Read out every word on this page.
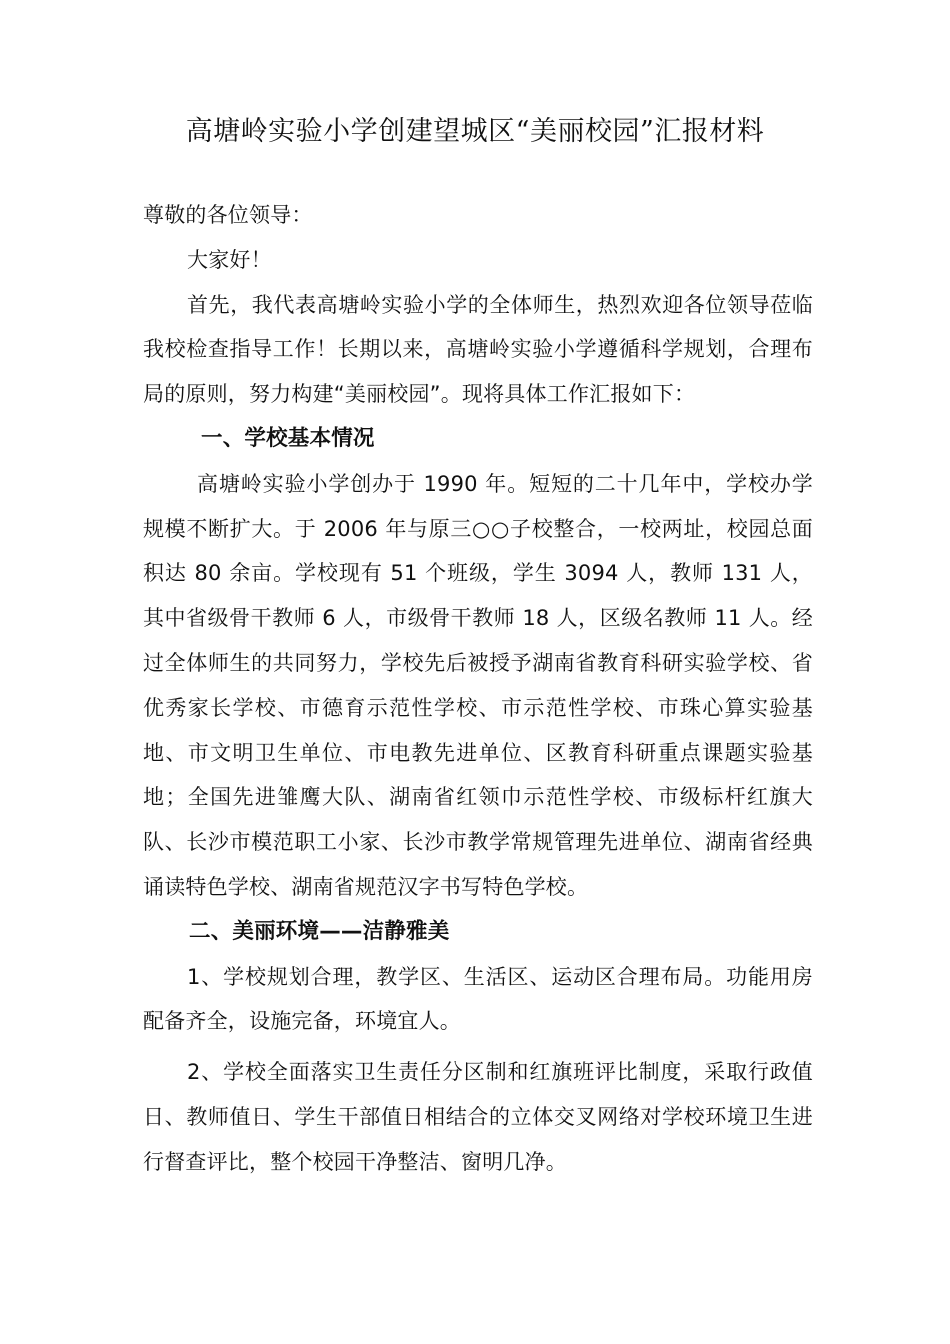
高塘岭实验小学创建望城区“美丽校园”汇报材料

尊敬的各位领导：

大家好！

首先，我代表高塘岭实验小学的全体师生，热烈欢迎各位领导莅临我校检查指导工作！长期以来，高塘岭实验小学遵循科学规划，合理布局的原则，努力构建“美丽校园”。现将具体工作汇报如下：

一、学校基本情况

高塘岭实验小学创办于 1990 年。短短的二十几年中，学校办学规模不断扩大。于 2006 年与原三○○子校整合，一校两址，校园总面积达 80 余亩。学校现有 51 个班级，学生 3094 人，教师 131 人，其中省级骨干教师 6 人，市级骨干教师 18 人，区级名教师 11 人。经过全体师生的共同努力，学校先后被授予湖南省教育科研实验学校、省优秀家长学校、市德育示范性学校、市示范性学校、市珠心算实验基地、市文明卫生单位、市电教先进单位、区教育科研重点课题实验基地；全国先进雏鹰大队、湖南省红领巾示范性学校、市级标杆红旗大队、长沙市模范职工小家、长沙市教学常规管理先进单位、湖南省经典诵读特色学校、湖南省规范汉字书写特色学校。

二、美丽环境——洁静雅美

1、学校规划合理，教学区、生活区、运动区合理布局。功能用房配备齐全，设施完备，环境宜人。

2、学校全面落实卫生责任分区制和红旗班评比制度，采取行政值日、教师值日、学生干部值日相结合的立体交叉网络对学校环境卫生进行督查评比，整个校园干净整洁、窗明几净。
